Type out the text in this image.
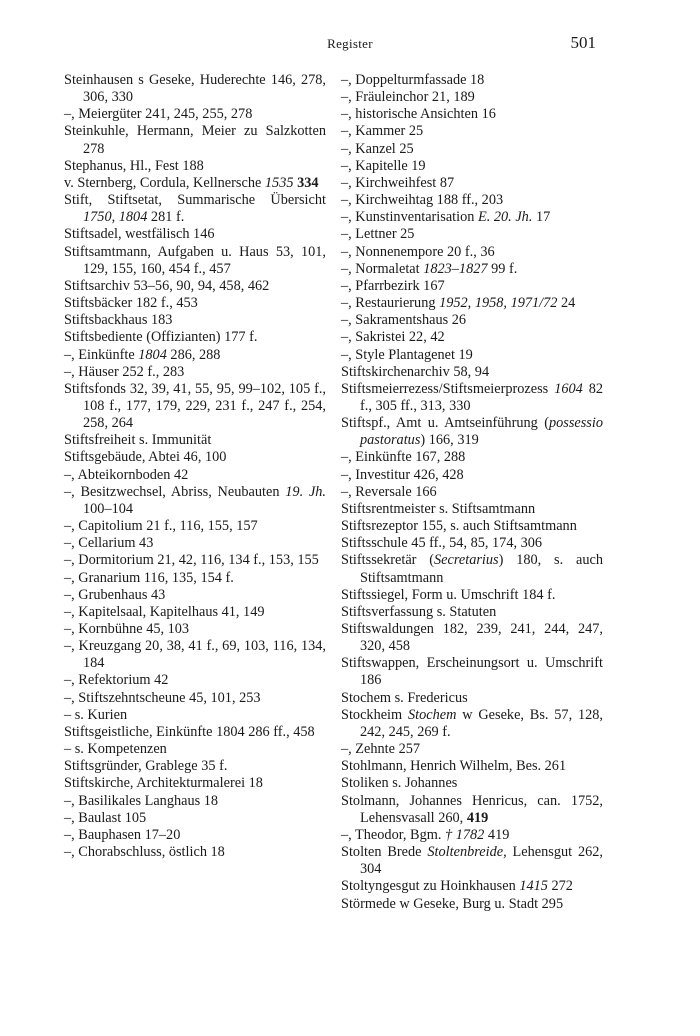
Register	501
Steinhausen s Geseke, Huderechte 146, 278, 306, 330
–, Meiergüter 241, 245, 255, 278
Steinkuhle, Hermann, Meier zu Salzkotten 278
Stephanus, Hl., Fest 188
v. Sternberg, Cordula, Kellnersche 1535 334
Stift, Stiftsetat, Summarische Übersicht 1750, 1804 281 f.
Stiftsadel, westfälisch 146
Stiftsamtmann, Aufgaben u. Haus 53, 101, 129, 155, 160, 454 f., 457
Stiftsarchiv 53–56, 90, 94, 458, 462
Stiftsbäcker 182 f., 453
Stiftsbackhaus 183
Stiftsbediente (Offizianten) 177 f.
–, Einkünfte 1804 286, 288
–, Häuser 252 f., 283
Stiftsfonds 32, 39, 41, 55, 95, 99–102, 105 f., 108 f., 177, 179, 229, 231 f., 247 f., 254, 258, 264
Stiftsfreiheit s. Immunität
Stiftsgebäude, Abtei 46, 100
–, Abteikornboden 42
–, Besitzwechsel, Abriss, Neubauten 19. Jh. 100–104
–, Capitolium 21 f., 116, 155, 157
–, Cellarium 43
–, Dormitorium 21, 42, 116, 134 f., 153, 155
–, Granarium 116, 135, 154 f.
–, Grubenhaus 43
–, Kapitelsaal, Kapitelhaus 41, 149
–, Kornbühne 45, 103
–, Kreuzgang 20, 38, 41 f., 69, 103, 116, 134, 184
–, Refektorium 42
–, Stiftszehntscheune 45, 101, 253
– s. Kurien
Stiftsgeistliche, Einkünfte 1804 286 ff., 458
– s. Kompetenzen
Stiftsgründer, Grablege 35 f.
Stiftskirche, Architekturmalerei 18
–, Basilikales Langhaus 18
–, Baulast 105
–, Bauphasen 17–20
–, Chorabschluss, östlich 18
–, Doppelturmfassade 18
–, Fräuleinchor 21, 189
–, historische Ansichten 16
–, Kammer 25
–, Kanzel 25
–, Kapitelle 19
–, Kirchweihfest 87
–, Kirchweihtag 188 ff., 203
–, Kunstinventarisation E. 20. Jh. 17
–, Lettner 25
–, Nonnenempore 20 f., 36
–, Normaletat 1823–1827 99 f.
–, Pfarrbezirk 167
–, Restaurierung 1952, 1958, 1971/72 24
–, Sakramentshaus 26
–, Sakristei 22, 42
–, Style Plantagenet 19
Stiftskirchenarchiv 58, 94
Stiftsmeierrezess/Stiftsmeierprozess 1604 82 f., 305 ff., 313, 330
Stiftspf., Amt u. Amtseinführung (possessio pastoratus) 166, 319
–, Einkünfte 167, 288
–, Investitur 426, 428
–, Reversale 166
Stiftsrentmeister s. Stiftsamtmann
Stiftsrezeptor 155, s. auch Stiftsamtmann
Stiftsschule 45 ff., 54, 85, 174, 306
Stiftssekretär (Secretarius) 180, s. auch Stiftsamtmann
Stiftssiegel, Form u. Umschrift 184 f.
Stiftsverfassung s. Statuten
Stiftswaldungen 182, 239, 241, 244, 247, 320, 458
Stiftswappen, Erscheinungsort u. Umschrift 186
Stochem s. Fredericus
Stockheim Stochem w Geseke, Bs. 57, 128, 242, 245, 269 f.
–, Zehnte 257
Stohlmann, Henrich Wilhelm, Bes. 261
Stoliken s. Johannes
Stolmann, Johannes Henricus, can. 1752, Lehensvasall 260, 419
–, Theodor, Bgm. † 1782 419
Stolten Brede Stoltenbreide, Lehensgut 262, 304
Stoltyngesgut zu Hoinkhausen 1415 272
Störmede w Geseke, Burg u. Stadt 295
